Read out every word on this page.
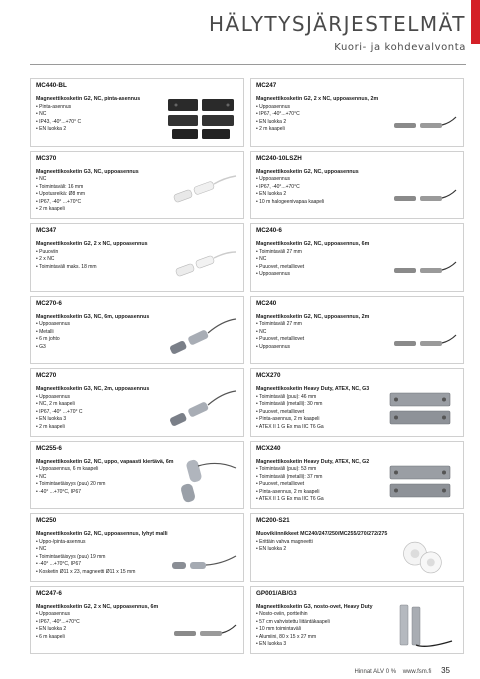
HÄLYTYSJÄRJESTELMÄT
Kuori- ja kohdevalvonta
MC440-BL
Magneettikosketin G2, NC, pinta-asennus
• Pinta-asennus
• NC
• IP43, -40°...+70° C
• EN luokka 2
MC247
Magneettikosketin G2, 2 x NC, uppoasennus, 2m
• Uppoasennus
• IP67, -40°...+70°C
• EN luokka 2
• 2 m kaapeli
MC370
Magneettikosketin G3, NC, uppoasennus
• NC
• Toimintaväli: 16 mm
• Upotusreikä: Ø8 mm
• IP67, -40° ...+70°C
• 2 m kaapeli
MC240-10LSZH
Magneettikosketin G2, NC, uppoasennus
• Uppoasennus
• IP67, -40°...+70°C
• EN luokka 2
• 10 m halogeenivapaa kaapeli
MC347
Magneettikosketin G2, 2 x NC, uppoasennus
• Puuoviin
• 2 x NC
• Toimintaväli maks. 18 mm
MC240-6
Magneettikosketin G2, NC, uppoasennus, 6m
• Toimintaväli 27 mm
• NC
• Puuovet, metalliovet
• Uppoasennus
MC270-6
Magneettikosketin G3, NC, 6m, uppoasennus
• Uppoasennus
• Metalli
• 6 m johto
• G3
MC240
Magneettikosketin G2, NC, uppoasennus, 2m
• Toimintaväli 27 mm
• NC
• Puuovet, metalliovet
• Uppoasennus
MC270
Magneettikosketin G3, NC, 2m, uppoasennus
• Uppoasennus
• NC, 2 m kaapeli
• IP67, -40° ...+70° C
• EN luokka 3
• 2 m kaapeli
MCX270
Magneettikosketin Heavy Duty, ATEX, NC, G3
• Toimintaväli (puu): 46 mm
• Toimintaväli (metalli): 30 mm
• Puuovet, metalliovet
• Pinta-asennus, 2 m kaapeli
• ATEX II 1 G Ex ma IIC T6 Ga
MC255-6
Magneettikosketin G2, NC, uppo, vapaasti kiertävä, 6m
• Uppoasennus, 6 m kaapeli
• NC
• Toimintaetäisyys (puu) 20 mm
• -40° ...+70°C, IP67
MCX240
Magneettikosketin Heavy Duty, ATEX, NC, G2
• Toimintaväli (puu): 53 mm
• Toimintaväli (metalli): 37 mm
• Puuovet, metalliovet
• Pinta-asennus, 2 m kaapeli
• ATEX II 1 G Ex ma IIC T6 Ga
MC250
Magneettikosketin G2, NC, uppoasennus, lyhyt malli
• Uppo-/pinta-asennus
• NC
• Toimintaetäisyys (puu) 19 mm
• -40° ...+70°C, IP67
• Kosketin Ø11 x 23, magneetti Ø11 x 15 mm
MC200-S21
Muovikiinnikkeet MC240/247/250/MC255/270/272/275
• Erittäin vahva magneetti
• EN luokka 2
MC247-6
Magneettikosketin G2, 2 x NC, uppoasennus, 6m
• Uppoasennus
• IP67, -40°...+70°C
• EN luokka 2
• 6 m kaapeli
GP001/AB/G3
Magneettikosketin G3, nosto-ovet, Heavy Duty
• Nosto-oviin, portteihin
• 57 cm vahvistettu liitäntäkaapeli
• 10 mm toimintaväli
• Alumiini, 80 x 15 x 27 mm
• EN luokka 3
Hinnat ALV 0 % www.fsm.fi 35
